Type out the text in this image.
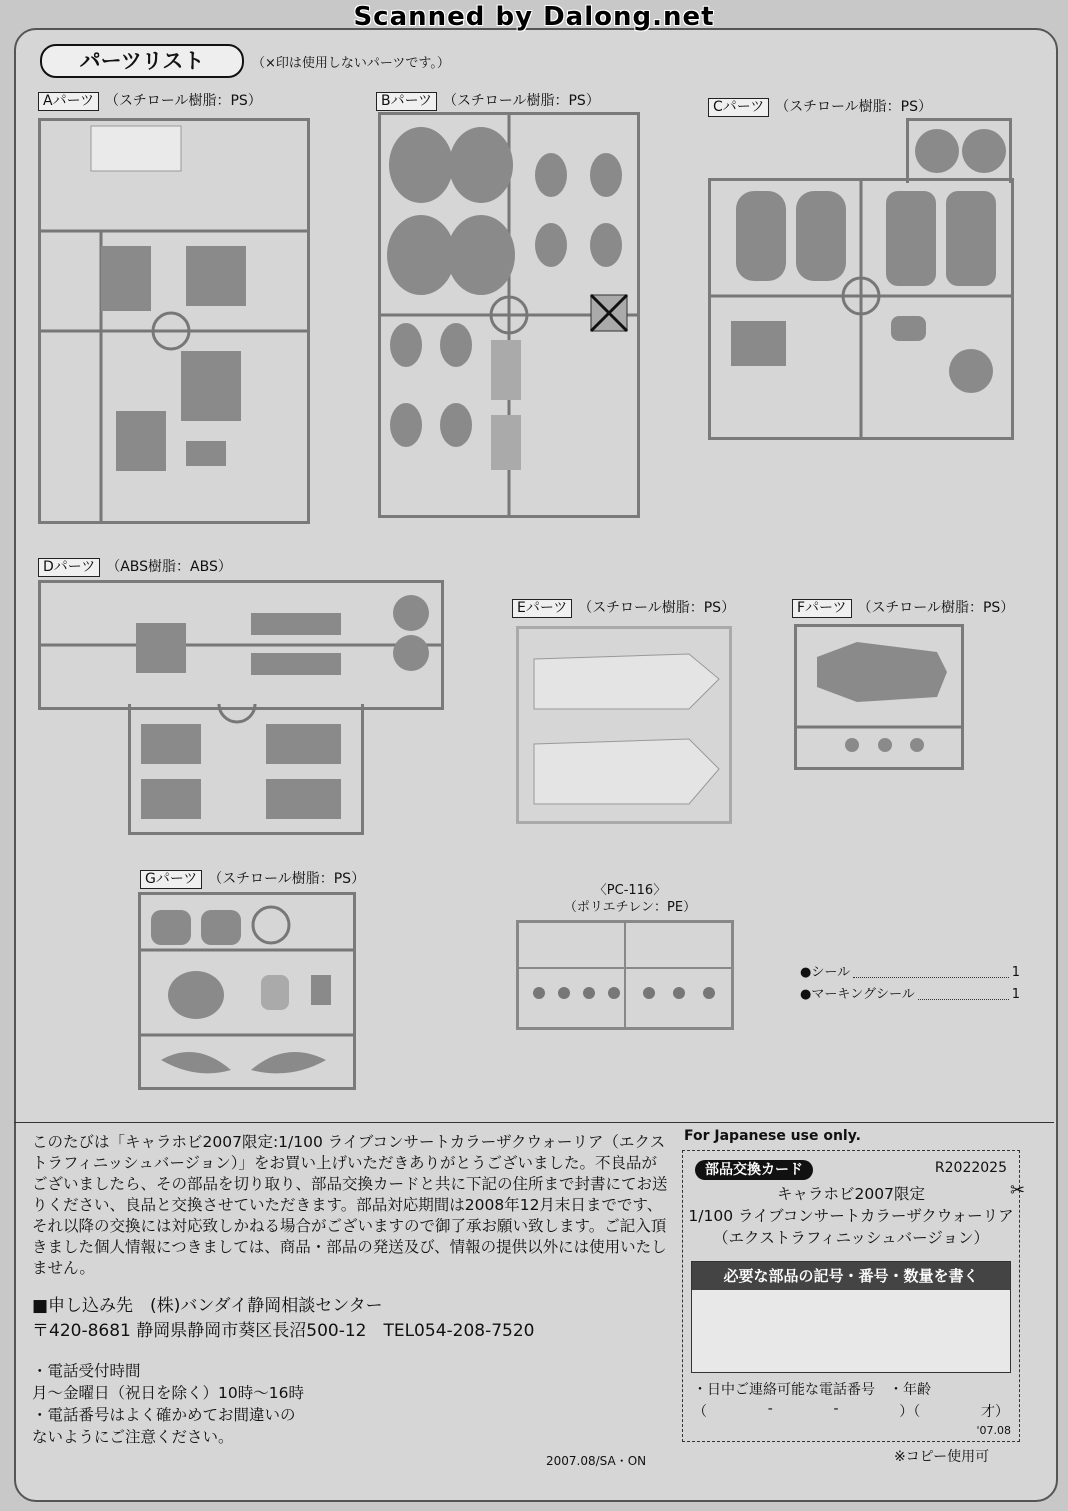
Scanned by Dalong.net
パーツリスト	（×印は使用しないパーツです。）
Aパーツ （スチロール樹脂：PS）	Bパーツ （スチロール樹脂：PS）	Cパーツ （スチロール樹脂：PS）
Dパーツ （ABS樹脂：ABS）
Eパーツ （スチロール樹脂：PS）	Fパーツ （スチロール樹脂：PS）
Gパーツ （スチロール樹脂：PS）
〈PC-116〉
（ポリエチレン：PE）
●シール	1
●マーキングシール	1

このたびは「キャラホビ2007限定:1/100 ライブコンサートカラーザクウォーリア（エクストラフィニッシュバージョン）」をお買い上げいただきありがとうございました。不良品がございましたら、その部品を切り取り、部品交換カードと共に下記の住所まで封書にてお送りください、良品と交換させていただきます。部品対応期間は2008年12月末日までです、それ以降の交換には対応致しかねる場合がございますので御了承お願い致します。ご記入頂きました個人情報につきましては、商品・部品の発送及び、情報の提供以外には使用いたしません。

■申し込み先　(株)バンダイ静岡相談センター
〒420-8681 静岡県静岡市葵区長沼500-12　TEL054-208-7520
・電話受付時間
月～金曜日（祝日を除く）10時～16時
・電話番号はよく確かめてお間違いの
ないようにご注意ください。
2007.08/SA・ON
For Japanese use only.
部品交換カード	R2022025
キャラホビ2007限定
1/100 ライブコンサートカラーザクウォーリア
（エクストラフィニッシュバージョン）
必要な部品の記号・番号・数量を書く
・日中ご連絡可能な電話番号　・年齢
（	-	-	）（	才）
'07.08
✂
※コピー使用可
